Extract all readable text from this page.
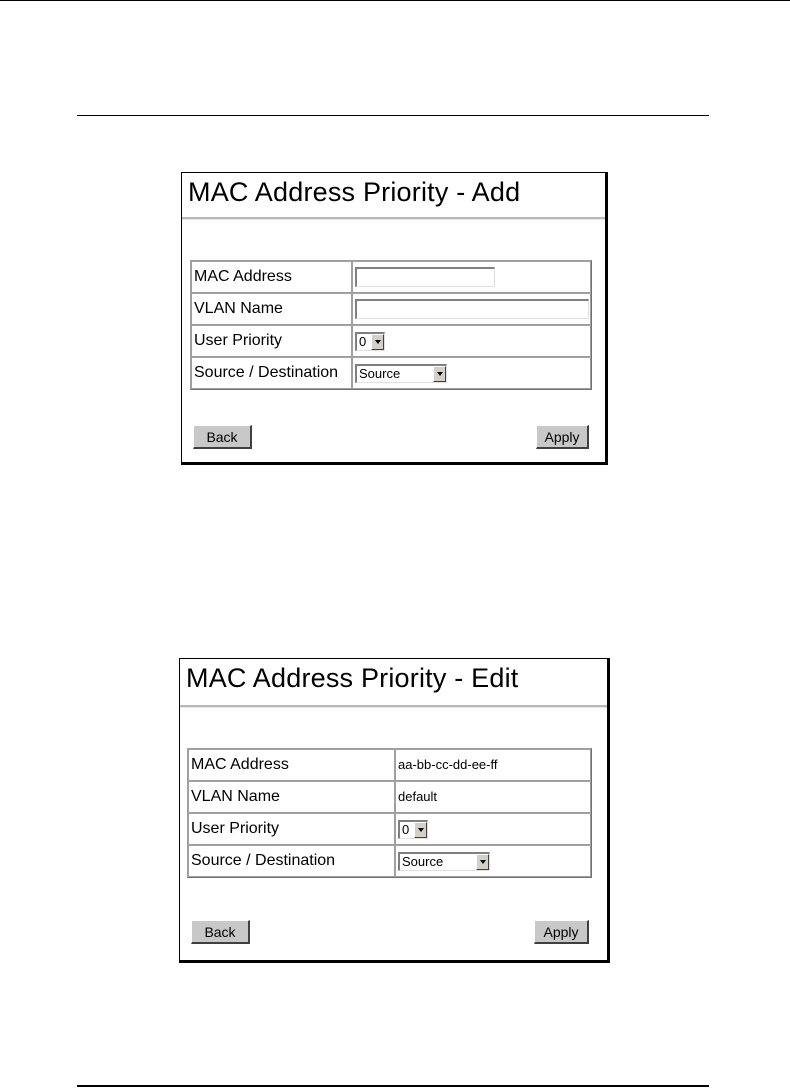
MAC Address Priority - Add
MAC Address	
VLAN Name	
User Priority	0

Source / Destination	Source
Back	Apply
MAC Address Priority - Edit
MAC Address	aa-bb-cc-dd-ee-ff
VLAN Name	default
User Priority	0

Source / Destination	Source
Back	Apply
